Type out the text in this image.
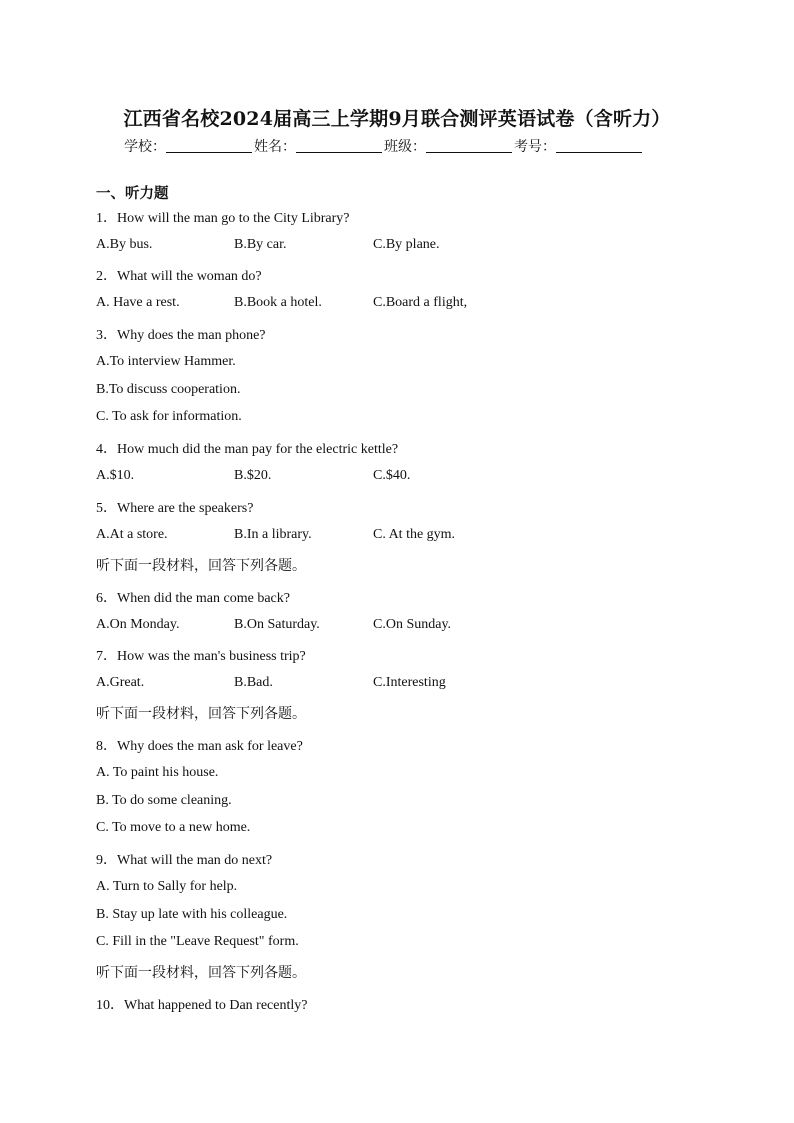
江西省名校2024届高三上学期9月联合测评英语试卷（含听力）
学校：	姓名：	班级：	考号：
一、听力题
1．How will the man go to the City Library?
A.By bus.	B.By car.	C.By plane.
2．What will the woman do?
A. Have a rest.	B.Book a hotel.	C.Board a flight,
3．Why does the man phone?
A.To interview Hammer.
B.To discuss cooperation.
C. To ask for information.
4．How much did the man pay for the electric kettle?
A.$10.	B.$20.	C.$40.
5．Where are the speakers?
A.At a store.	B.In a library.	C. At the gym.
听下面一段材料，回答下列各题。
6．When did the man come back?
A.On Monday.	B.On Saturday.	C.On Sunday.
7．How was the man's business trip?
A.Great.	B.Bad.	C.Interesting
听下面一段材料，回答下列各题。
8．Why does the man ask for leave?
A. To paint his house.
B. To do some cleaning.
C. To move to a new home.
9．What will the man do next?
A. Turn to Sally for help.
B. Stay up late with his colleague.
C. Fill in the "Leave Request" form.
听下面一段材料，回答下列各题。
10．What happened to Dan recently?
